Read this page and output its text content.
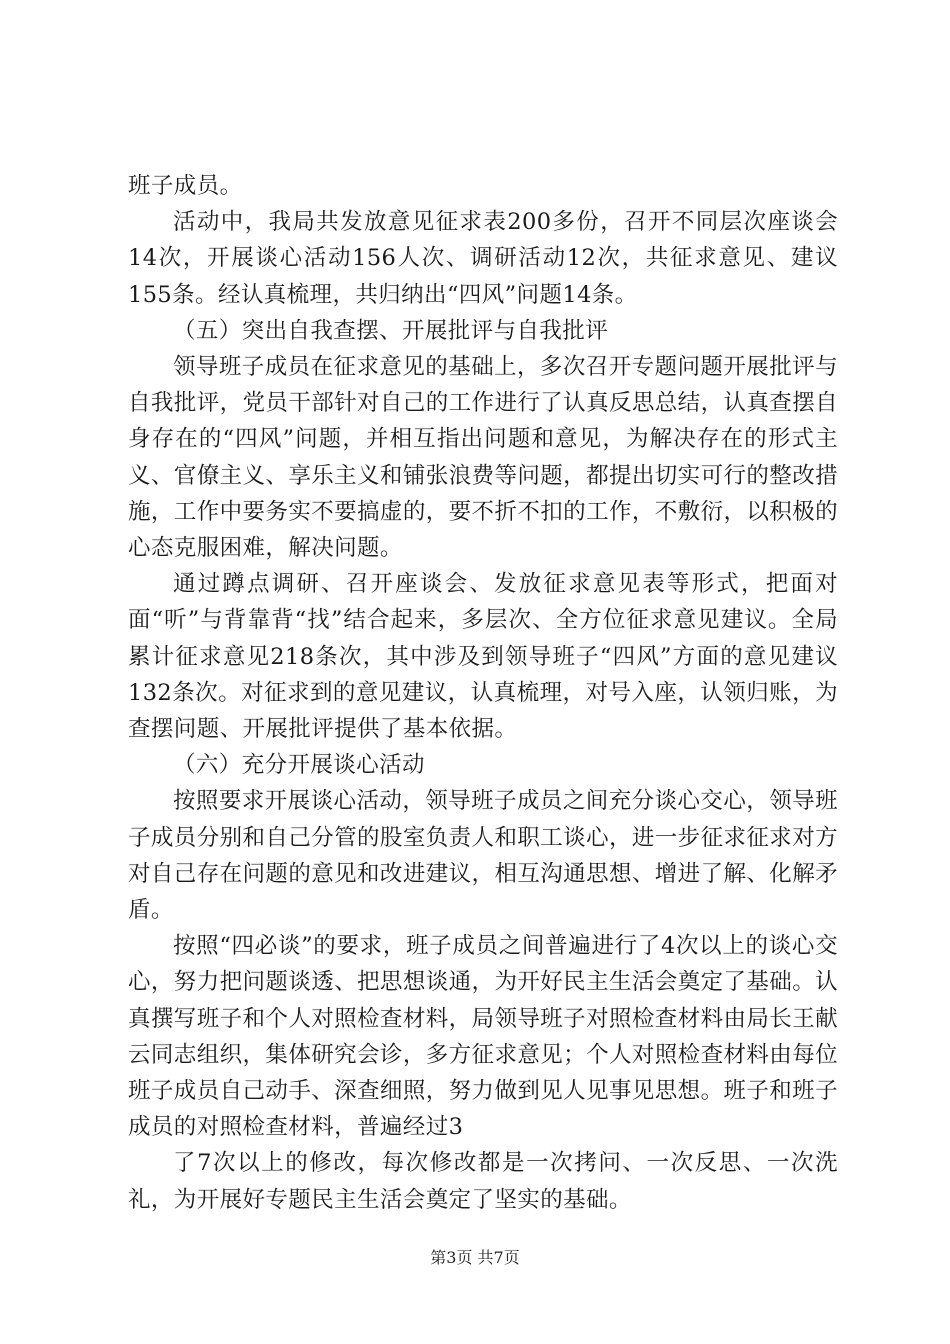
班子成员。

活动中，我局共发放意见征求表200多份，召开不同层次座谈会14次，开展谈心活动156人次、调研活动12次，共征求意见、建议155条。经认真梳理，共归纳出“四风”问题14条。

（五）突出自我查摆、开展批评与自我批评

领导班子成员在征求意见的基础上，多次召开专题问题开展批评与自我批评，党员干部针对自己的工作进行了认真反思总结，认真查摆自身存在的“四风”问题，并相互指出问题和意见，为解决存在的形式主义、官僚主义、享乐主义和铺张浪费等问题，都提出切实可行的整改措施，工作中要务实不要搞虚的，要不折不扣的工作，不敷衍，以积极的心态克服困难，解决问题。

通过蹲点调研、召开座谈会、发放征求意见表等形式，把面对面“听”与背靠背“找”结合起来，多层次、全方位征求意见建议。全局累计征求意见218条次，其中涉及到领导班子“四风”方面的意见建议132条次。对征求到的意见建议，认真梳理，对号入座，认领归账，为查摆问题、开展批评提供了基本依据。

（六）充分开展谈心活动

按照要求开展谈心活动，领导班子成员之间充分谈心交心，领导班子成员分别和自己分管的股室负责人和职工谈心，进一步征求征求对方对自己存在问题的意见和改进建议，相互沟通思想、增进了解、化解矛盾。

按照“四必谈”的要求，班子成员之间普遍进行了4次以上的谈心交心，努力把问题谈透、把思想谈通，为开好民主生活会奠定了基础。认真撰写班子和个人对照检查材料，局领导班子对照检查材料由局长王献云同志组织，集体研究会诊，多方征求意见；个人对照检查材料由每位班子成员自己动手、深查细照，努力做到见人见事见思想。班子和班子成员的对照检查材料，普遍经过3

了7次以上的修改，每次修改都是一次拷问、一次反思、一次洗礼，为开展好专题民主生活会奠定了坚实的基础。

第3页 共7页
